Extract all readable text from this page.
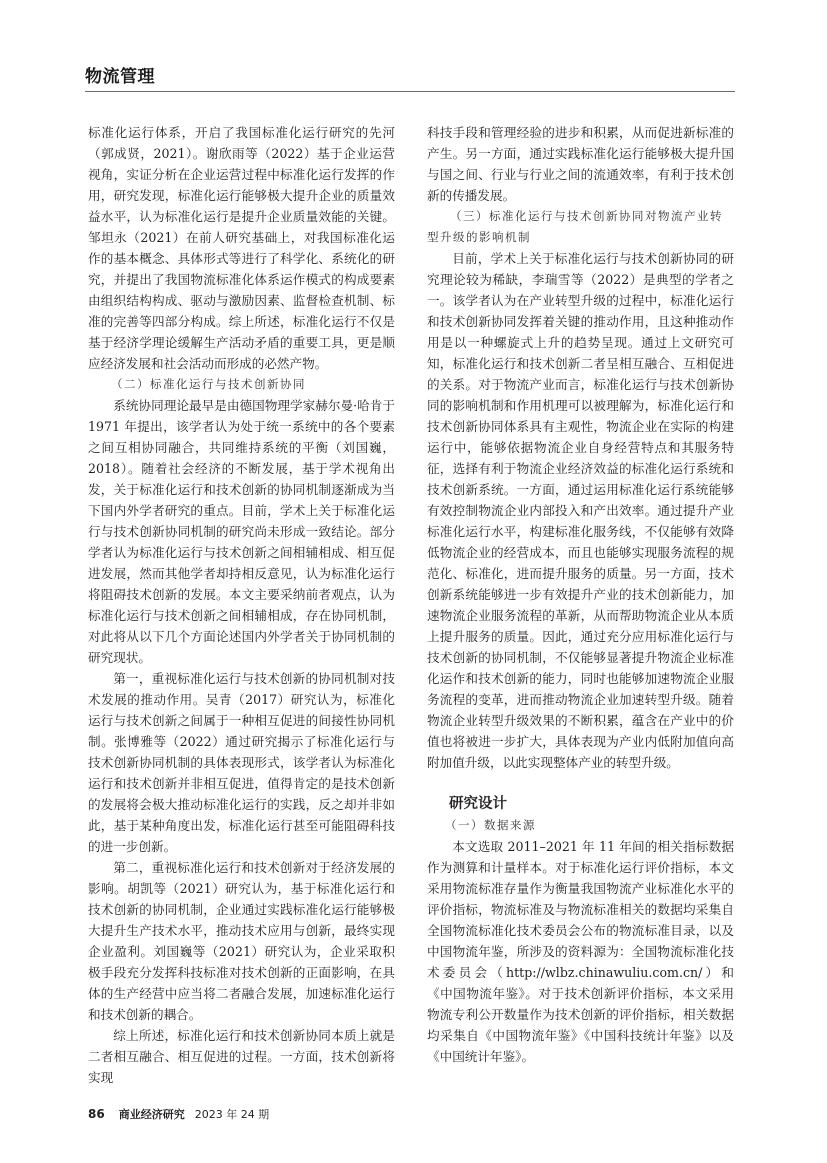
物流管理

标准化运行体系，开启了我国标准化运行研究的先河（郭成贤，2021）。谢欣雨等（2022）基于企业运营视角，实证分析在企业运营过程中标准化运行发挥的作用，研究发现，标准化运行能够极大提升企业的质量效益水平，认为标准化运行是提升企业质量效能的关键。邹坦永（2021）在前人研究基础上，对我国标准化运作的基本概念、具体形式等进行了科学化、系统化的研究，并提出了我国物流标准化体系运作模式的构成要素由组织结构构成、驱动与激励因素、监督检查机制、标准的完善等四部分构成。综上所述，标准化运行不仅是基于经济学理论缓解生产活动矛盾的重要工具，更是顺应经济发展和社会活动而形成的必然产物。

（二）标准化运行与技术创新协同

系统协同理论最早是由德国物理学家赫尔曼·哈肯于 1971 年提出，该学者认为处于统一系统中的各个要素之间互相协同融合，共同维持系统的平衡（刘国巍，2018）。随着社会经济的不断发展，基于学术视角出发，关于标准化运行和技术创新的协同机制逐渐成为当下国内外学者研究的重点。目前，学术上关于标准化运行与技术创新协同机制的研究尚未形成一致结论。部分学者认为标准化运行与技术创新之间相辅相成、相互促进发展，然而其他学者却持相反意见，认为标准化运行将阻碍技术创新的发展。本文主要采纳前者观点，认为标准化运行与技术创新之间相辅相成，存在协同机制，对此将从以下几个方面论述国内外学者关于协同机制的研究现状。

第一，重视标准化运行与技术创新的协同机制对技术发展的推动作用。吴青（2017）研究认为，标准化运行与技术创新之间属于一种相互促进的间接性协同机制。张博雅等（2022）通过研究揭示了标准化运行与技术创新协同机制的具体表现形式，该学者认为标准化运行和技术创新并非相互促进，值得肯定的是技术创新的发展将会极大推动标准化运行的实践，反之却并非如此，基于某种角度出发，标准化运行甚至可能阻碍科技的进一步创新。

第二，重视标准化运行和技术创新对于经济发展的影响。胡凯等（2021）研究认为，基于标准化运行和技术创新的协同机制，企业通过实践标准化运行能够极大提升生产技术水平，推动技术应用与创新，最终实现企业盈利。刘国巍等（2021）研究认为，企业采取积极手段充分发挥科技标准对技术创新的正面影响，在具体的生产经营中应当将二者融合发展，加速标准化运行和技术创新的耦合。

综上所述，标准化运行和技术创新协同本质上就是二者相互融合、相互促进的过程。一方面，技术创新将实现

科技手段和管理经验的进步和积累，从而促进新标准的产生。另一方面，通过实践标准化运行能够极大提升国与国之间、行业与行业之间的流通效率，有利于技术创新的传播发展。

（三）标准化运行与技术创新协同对物流产业转型升级的影响机制

目前，学术上关于标准化运行与技术创新协同的研究理论较为稀缺，李瑞雪等（2022）是典型的学者之一。该学者认为在产业转型升级的过程中，标准化运行和技术创新协同发挥着关键的推动作用，且这种推动作用是以一种螺旋式上升的趋势呈现。通过上文研究可知，标准化运行和技术创新二者呈相互融合、互相促进的关系。对于物流产业而言，标准化运行与技术创新协同的影响机制和作用机理可以被理解为，标准化运行和技术创新协同体系具有主观性，物流企业在实际的构建运行中，能够依据物流企业自身经营特点和其服务特征，选择有利于物流企业经济效益的标准化运行系统和技术创新系统。一方面，通过运用标准化运行系统能够有效控制物流企业内部投入和产出效率。通过提升产业标准化运行水平，构建标准化服务线，不仅能够有效降低物流企业的经营成本，而且也能够实现服务流程的规范化、标准化，进而提升服务的质量。另一方面，技术创新系统能够进一步有效提升产业的技术创新能力，加速物流企业服务流程的革新，从而帮助物流企业从本质上提升服务的质量。因此，通过充分应用标准化运行与技术创新的协同机制，不仅能够显著提升物流企业标准化运作和技术创新的能力，同时也能够加速物流企业服务流程的变革，进而推动物流企业加速转型升级。随着物流企业转型升级效果的不断积累，蕴含在产业中的价值也将被进一步扩大，具体表现为产业内低附加值向高附加值升级，以此实现整体产业的转型升级。

研究设计

（一）数据来源

本文选取 2011–2021 年 11 年间的相关指标数据作为测算和计量样本。对于标准化运行评价指标，本文采用物流标准存量作为衡量我国物流产业标准化水平的评价指标，物流标准及与物流标准相关的数据均采集自全国物流标准化技术委员会公布的物流标准目录，以及中国物流年鉴，所涉及的资料源为：全国物流标准化技术委员会（http://wlbz.chinawuliu.com.cn/）和《中国物流年鉴》。对于技术创新评价指标，本文采用物流专利公开数量作为技术创新的评价指标，相关数据均采集自《中国物流年鉴》《中国科技统计年鉴》以及《中国统计年鉴》。

86 商业经济研究 2023 年 24 期
